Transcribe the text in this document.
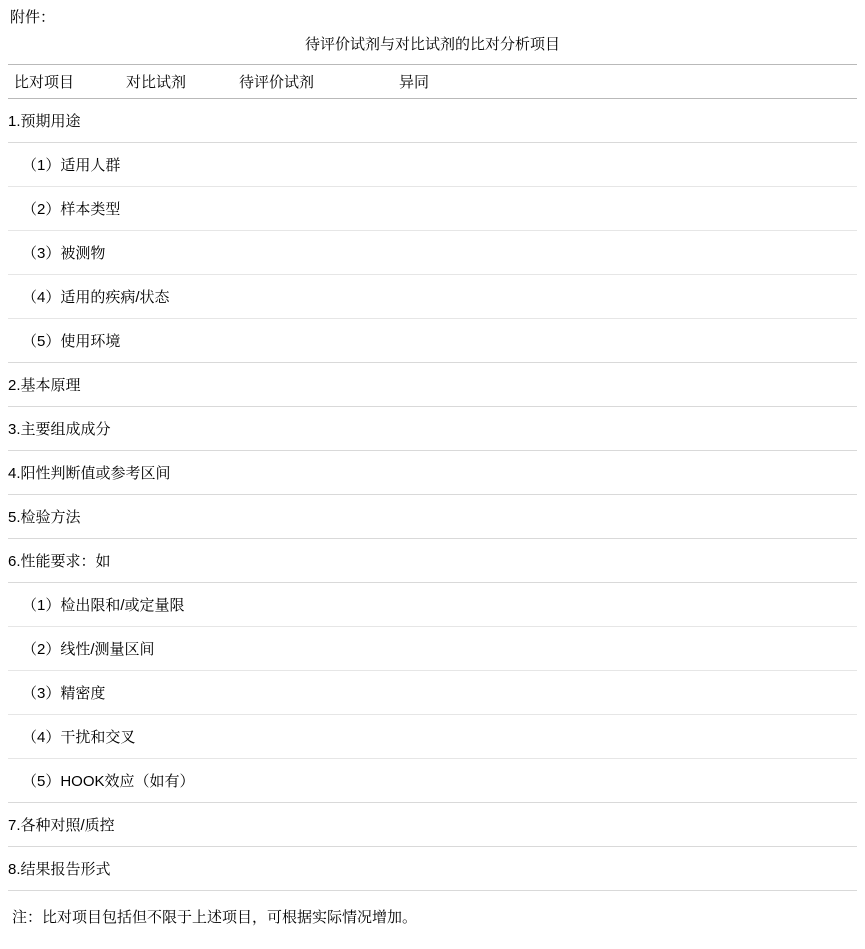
附件：
待评价试剂与对比试剂的比对分析项目
比对项目	对比试剂	待评价试剂	异同
1.预期用途			
（1）适用人群			
（2）样本类型			
（3）被测物			
（4）适用的疾病/状态			
（5）使用环境			
2.基本原理			
3.主要组成成分			
4.阳性判断值或参考区间			
5.检验方法			
6.性能要求：如			
（1）检出限和/或定量限			
（2）线性/测量区间			
（3）精密度			
（4）干扰和交叉			
（5）HOOK效应（如有）			
7.各种对照/质控			
8.结果报告形式			
注：比对项目包括但不限于上述项目，可根据实际情况增加。
